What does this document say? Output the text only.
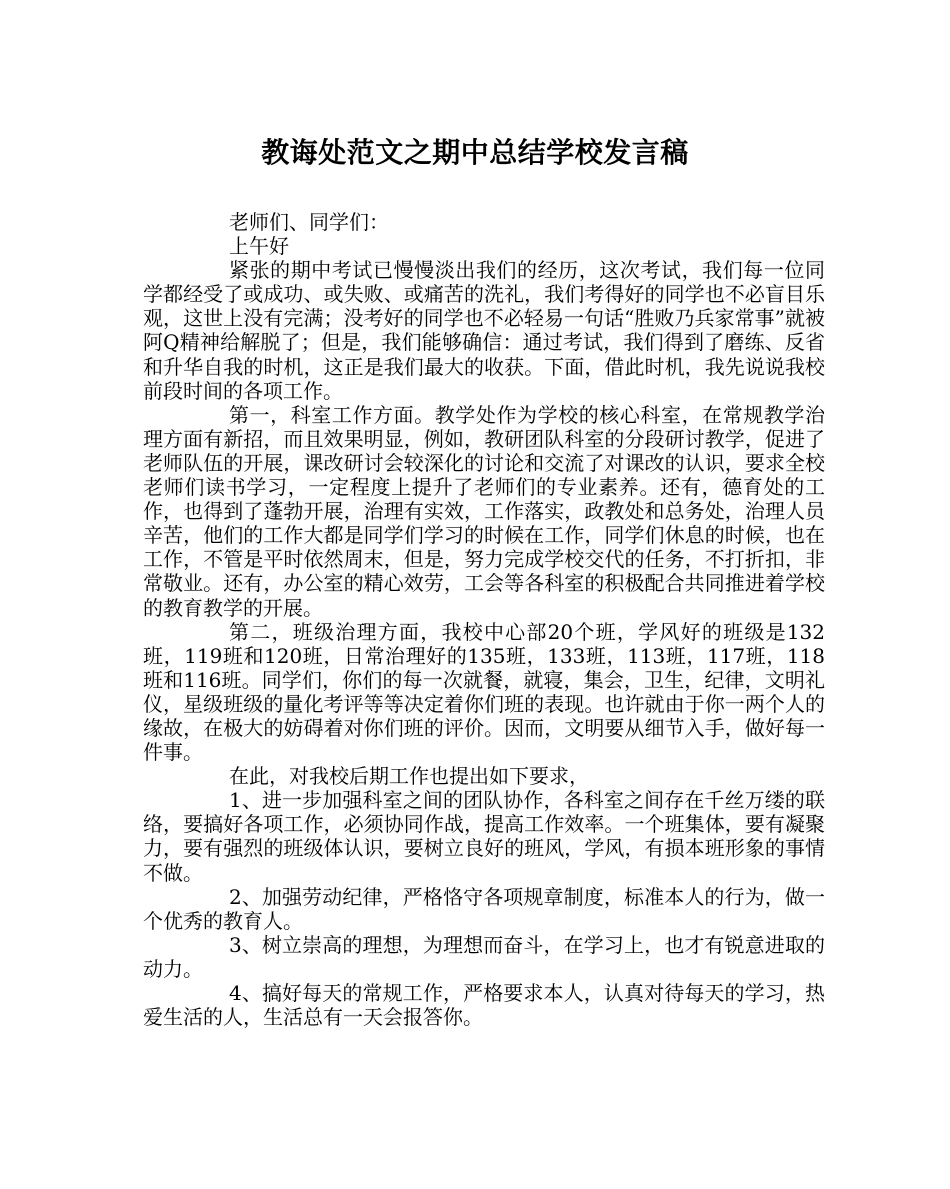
教诲处范文之期中总结学校发言稿

老师们、同学们：

上午好

紧张的期中考试已慢慢淡出我们的经历，这次考试，我们每一位同学都经受了或成功、或失败、或痛苦的洗礼，我们考得好的同学也不必盲目乐观，这世上没有完满；没考好的同学也不必轻易一句话“胜败乃兵家常事”就被阿Q精神给解脱了；但是，我们能够确信：通过考试，我们得到了磨练、反省和升华自我的时机，这正是我们最大的收获。下面，借此时机，我先说说我校前段时间的各项工作。

第一，科室工作方面。教学处作为学校的核心科室，在常规教学治理方面有新招，而且效果明显，例如，教研团队科室的分段研讨教学，促进了老师队伍的开展，课改研讨会较深化的讨论和交流了对课改的认识，要求全校老师们读书学习，一定程度上提升了老师们的专业素养。还有，德育处的工作，也得到了蓬勃开展，治理有实效，工作落实，政教处和总务处，治理人员辛苦，他们的工作大都是同学们学习的时候在工作，同学们休息的时候，也在工作，不管是平时依然周末，但是，努力完成学校交代的任务，不打折扣，非常敬业。还有，办公室的精心效劳，工会等各科室的积极配合共同推进着学校的教育教学的开展。

第二，班级治理方面，我校中心部20个班，学风好的班级是132班，119班和120班，日常治理好的135班，133班，113班，117班，118班和116班。同学们，你们的每一次就餐，就寝，集会，卫生，纪律，文明礼仪，星级班级的量化考评等等决定着你们班的表现。也许就由于你一两个人的缘故，在极大的妨碍着对你们班的评价。因而，文明要从细节入手，做好每一件事。

在此，对我校后期工作也提出如下要求，

1、进一步加强科室之间的团队协作，各科室之间存在千丝万缕的联络，要搞好各项工作，必须协同作战，提高工作效率。一个班集体，要有凝聚力，要有强烈的班级体认识，要树立良好的班风，学风，有损本班形象的事情不做。

2、加强劳动纪律，严格恪守各项规章制度，标准本人的行为，做一个优秀的教育人。

3、树立崇高的理想，为理想而奋斗，在学习上，也才有锐意进取的动力。

4、搞好每天的常规工作，严格要求本人，认真对待每天的学习，热爱生活的人，生活总有一天会报答你。
